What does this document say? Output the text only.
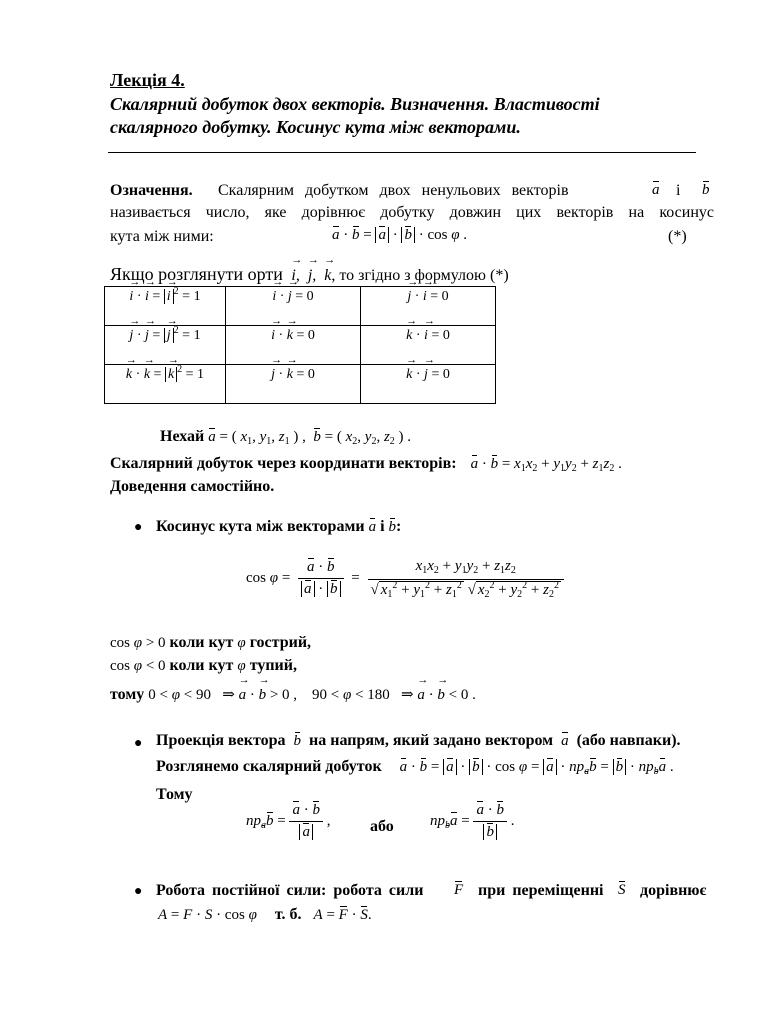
Лекція 4.
Скалярний добуток двох векторів. Визначення. Властивості
скалярного добутку. Косинус кута між векторами.
Означення. Скалярним добутком двох ненульових векторів	a і b
називається число, яке дорівнює добутку довжин цих векторів на косинус
кута між ними:	a · b = a · b · cos φ .	(*)
Якщо розглянути орти → i,  → j,  → k, то згідно з формулою (*)
→ i · → i = → i $^2$ = 1	→ i · → j = 0	→ j · → i = 0
→ j · → j = → j $^2$ = 1	→ i · → k = 0	→ k · → i = 0
→ k · → k = → k $^2$ = 1	→ j · → k = 0	→ k · → j = 0
Нехай a = ( $x_1$, $y_1$, $z_1$ ) ,  b = ( $x_2$, $y_2$, $z_2$ ) .
Скалярний добуток через координати векторів: $a \cdot b = x_1x_2 + y_1y_2 + z_1z_2$ .
Доведення самостійно.
● Косинус кута між векторами a і b:
$\cos \varphi = \frac{a \cdot b}{a \cdot b} = \frac{x_1x_2 + y_1y_2 + z_1z_2}{√ x_1^2 + y_1^2 + z_1^2 √ x_2^2 + y_2^2 + z_2^2}$
cos φ > 0 коли кут φ гострий,
cos φ < 0 коли кут φ тупий,
тому 0 < φ < 90   ⇒ → a · → b > 0 ,    90 < φ < 180   ⇒ → a · → b < 0 .
● Проекція вектора b на напрям, який задано вектором a (або навпаки).
Розглянемо скалярний добуток $a \cdot b = a \cdot b \cdot \cos \varphi = a \cdot np_ab = b \cdot np_ba$ .
Тому
$np_ab = \frac{a \cdot b}{a}$ , або $np_ba = \frac{a \cdot b}{b}$ .
● Робота постійної сили: робота сили F при переміщенні S дорівнює
A = F · S · cos φ т. б. A = F · S.
